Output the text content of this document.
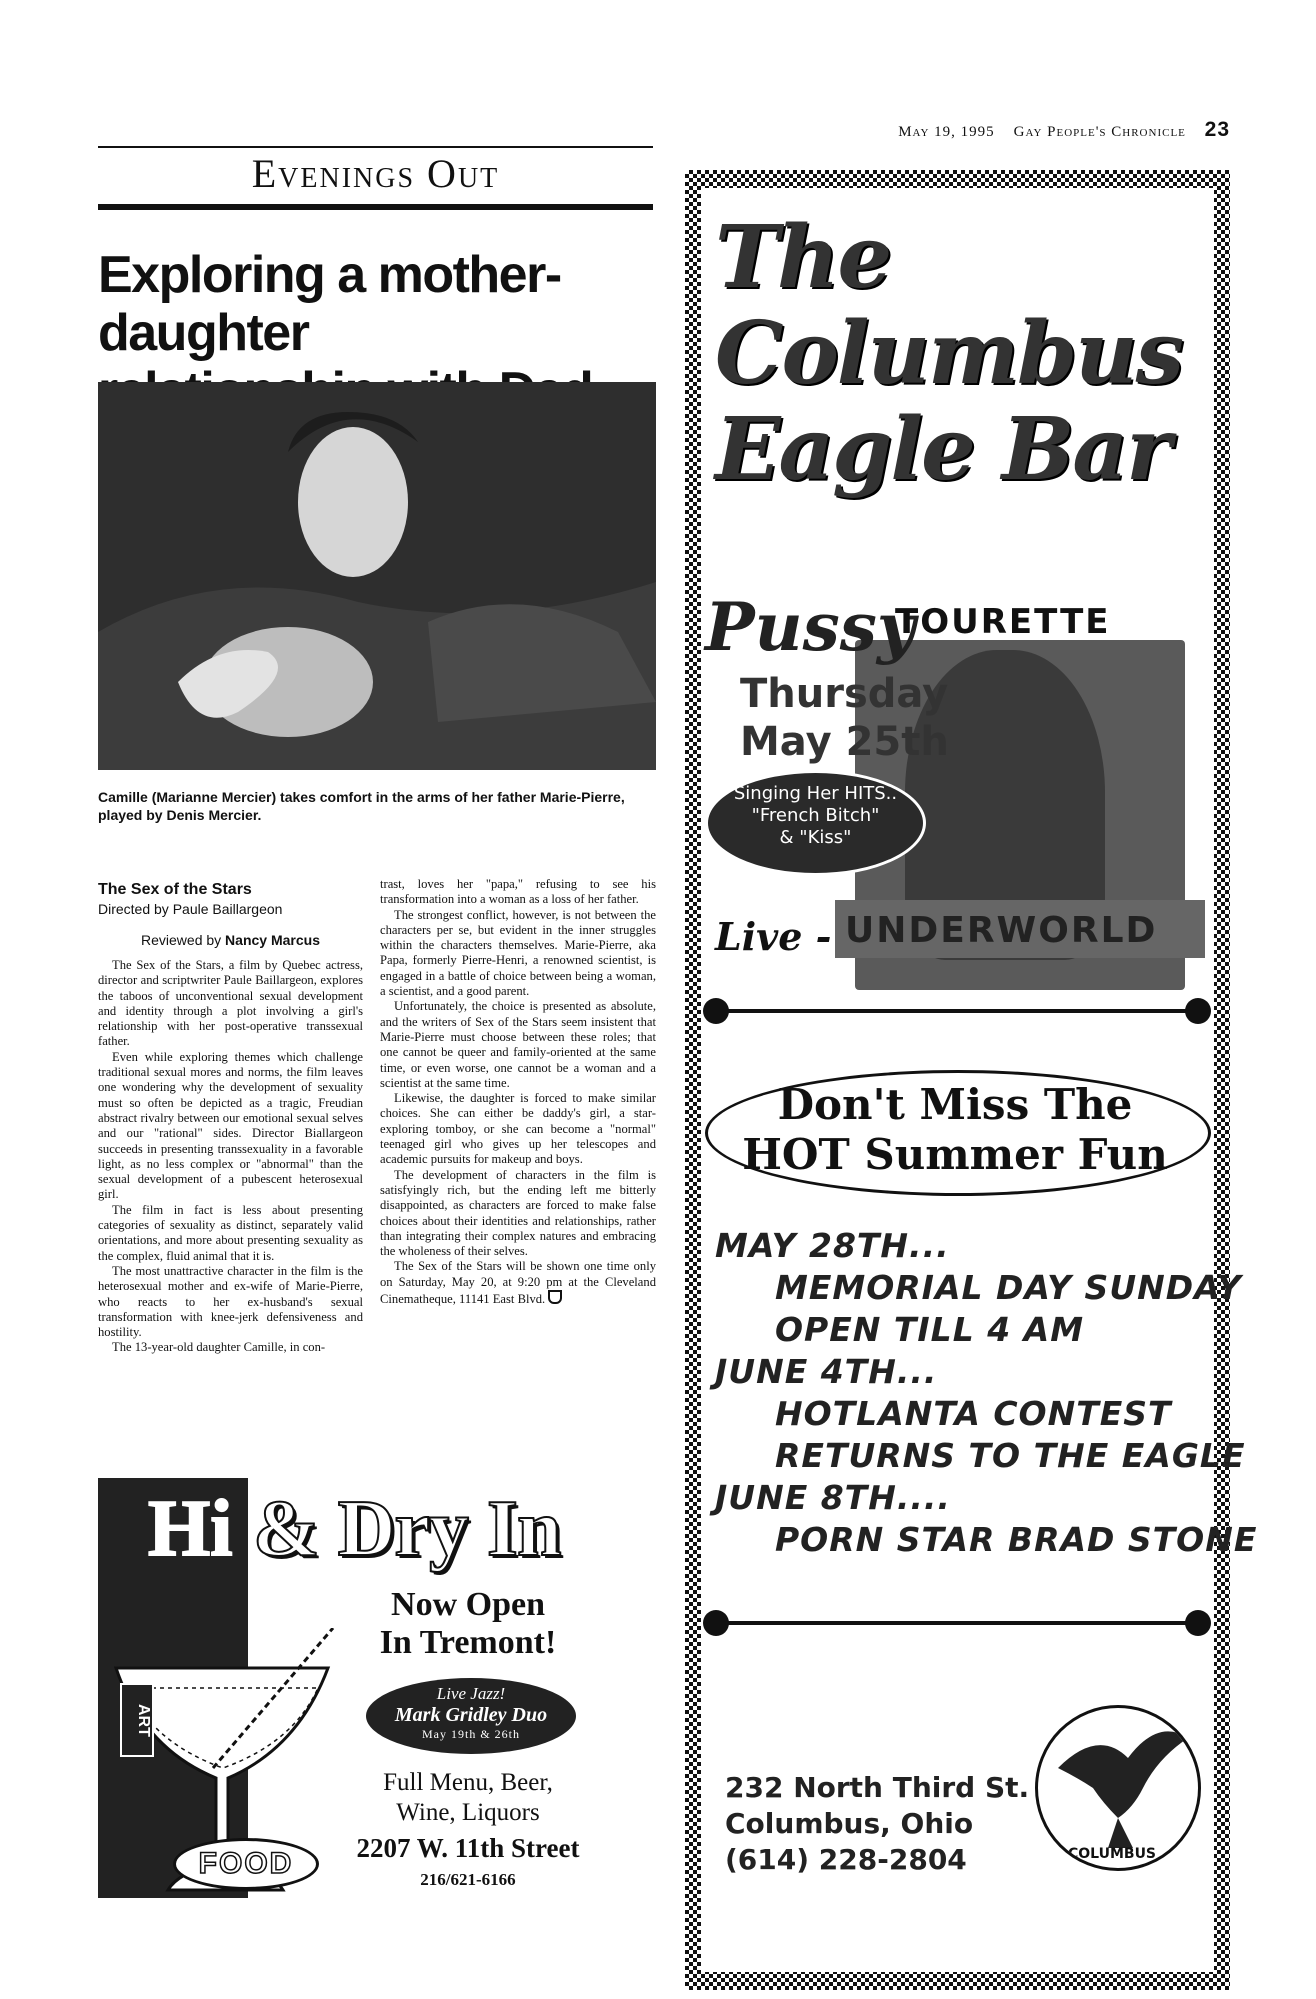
May 19, 1995 Gay People's Chronicle 23
Evenings Out
Exploring a mother-daughter
Camille (Marianne Mercier) takes comfort in the arms of her father Marie-Pierre, played by Denis Mercier.
The Sex of the Stars
Directed by Paule Baillargeon
Reviewed by Nancy Marcus

The Sex of the Stars, a film by Quebec actress, director and scriptwriter Paule Baillargeon, explores the taboos of unconventional sexual development and identity through a plot involving a girl's relationship with her post-operative transsexual father.

Even while exploring themes which challenge traditional sexual mores and norms, the film leaves one wondering why the development of sexuality must so often be depicted as a tragic, Freudian abstract rivalry between our emotional sexual selves and our "rational" sides. Director Biallargeon succeeds in presenting transsexuality in a favorable light, as no less complex or "abnormal" than the sexual development of a pubescent heterosexual girl.

The film in fact is less about presenting categories of sexuality as distinct, separately valid orientations, and more about presenting sexuality as the complex, fluid animal that it is.

The most unattractive character in the film is the heterosexual mother and ex-wife of Marie-Pierre, who reacts to her ex-husband's sexual transformation with knee-jerk defensiveness and hostility.

The 13-year-old daughter Camille, in con-

trast, loves her "papa," refusing to see his transformation into a woman as a loss of her father.

The strongest conflict, however, is not between the characters per se, but evident in the inner struggles within the characters themselves. Marie-Pierre, aka Papa, formerly Pierre-Henri, a renowned scientist, is engaged in a battle of choice between being a woman, a scientist, and a good parent.

Unfortunately, the choice is presented as absolute, and the writers of Sex of the Stars seem insistent that Marie-Pierre must choose between these roles; that one cannot be queer and family-oriented at the same time, or even worse, one cannot be a woman and a scientist at the same time.

Likewise, the daughter is forced to make similar choices. She can either be daddy's girl, a star-exploring tomboy, or she can become a "normal" teenaged girl who gives up her telescopes and academic pursuits for makeup and boys.

The development of characters in the film is satisfyingly rich, but the ending left me bitterly disappointed, as characters are forced to make false choices about their identities and relationships, rather than integrating their complex natures and embracing the wholeness of their selves.

The Sex of the Stars will be shown one time only on Saturday, May 20, at 9:20 pm at the Cleveland Cinematheque, 11141 East Blvd.

Hi & Dry In
ART
Now Open
In Tremont!
Live Jazz!
Mark Gridley Duo
May 19th & 26th
Full Menu, Beer,
Wine, Liquors
2207 W. 11th Street
216/621-6166
FOOD
The
Columbus
Eagle Bar
Pussy
TOURETTE
Thursday
May 25th
Singing Her HITS..
"French Bitch"
& "Kiss"
Live - UNDERWORLD
Don't Miss The
HOT Summer Fun
MAY 28TH...
MEMORIAL DAY SUNDAY
OPEN TILL 4 AM
JUNE 4TH...
HOTLANTA CONTEST
RETURNS TO THE EAGLE
JUNE 8TH....
PORN STAR BRAD STONE
232 North Third St.
Columbus, Ohio
(614) 228-2804	COLUMBUS
